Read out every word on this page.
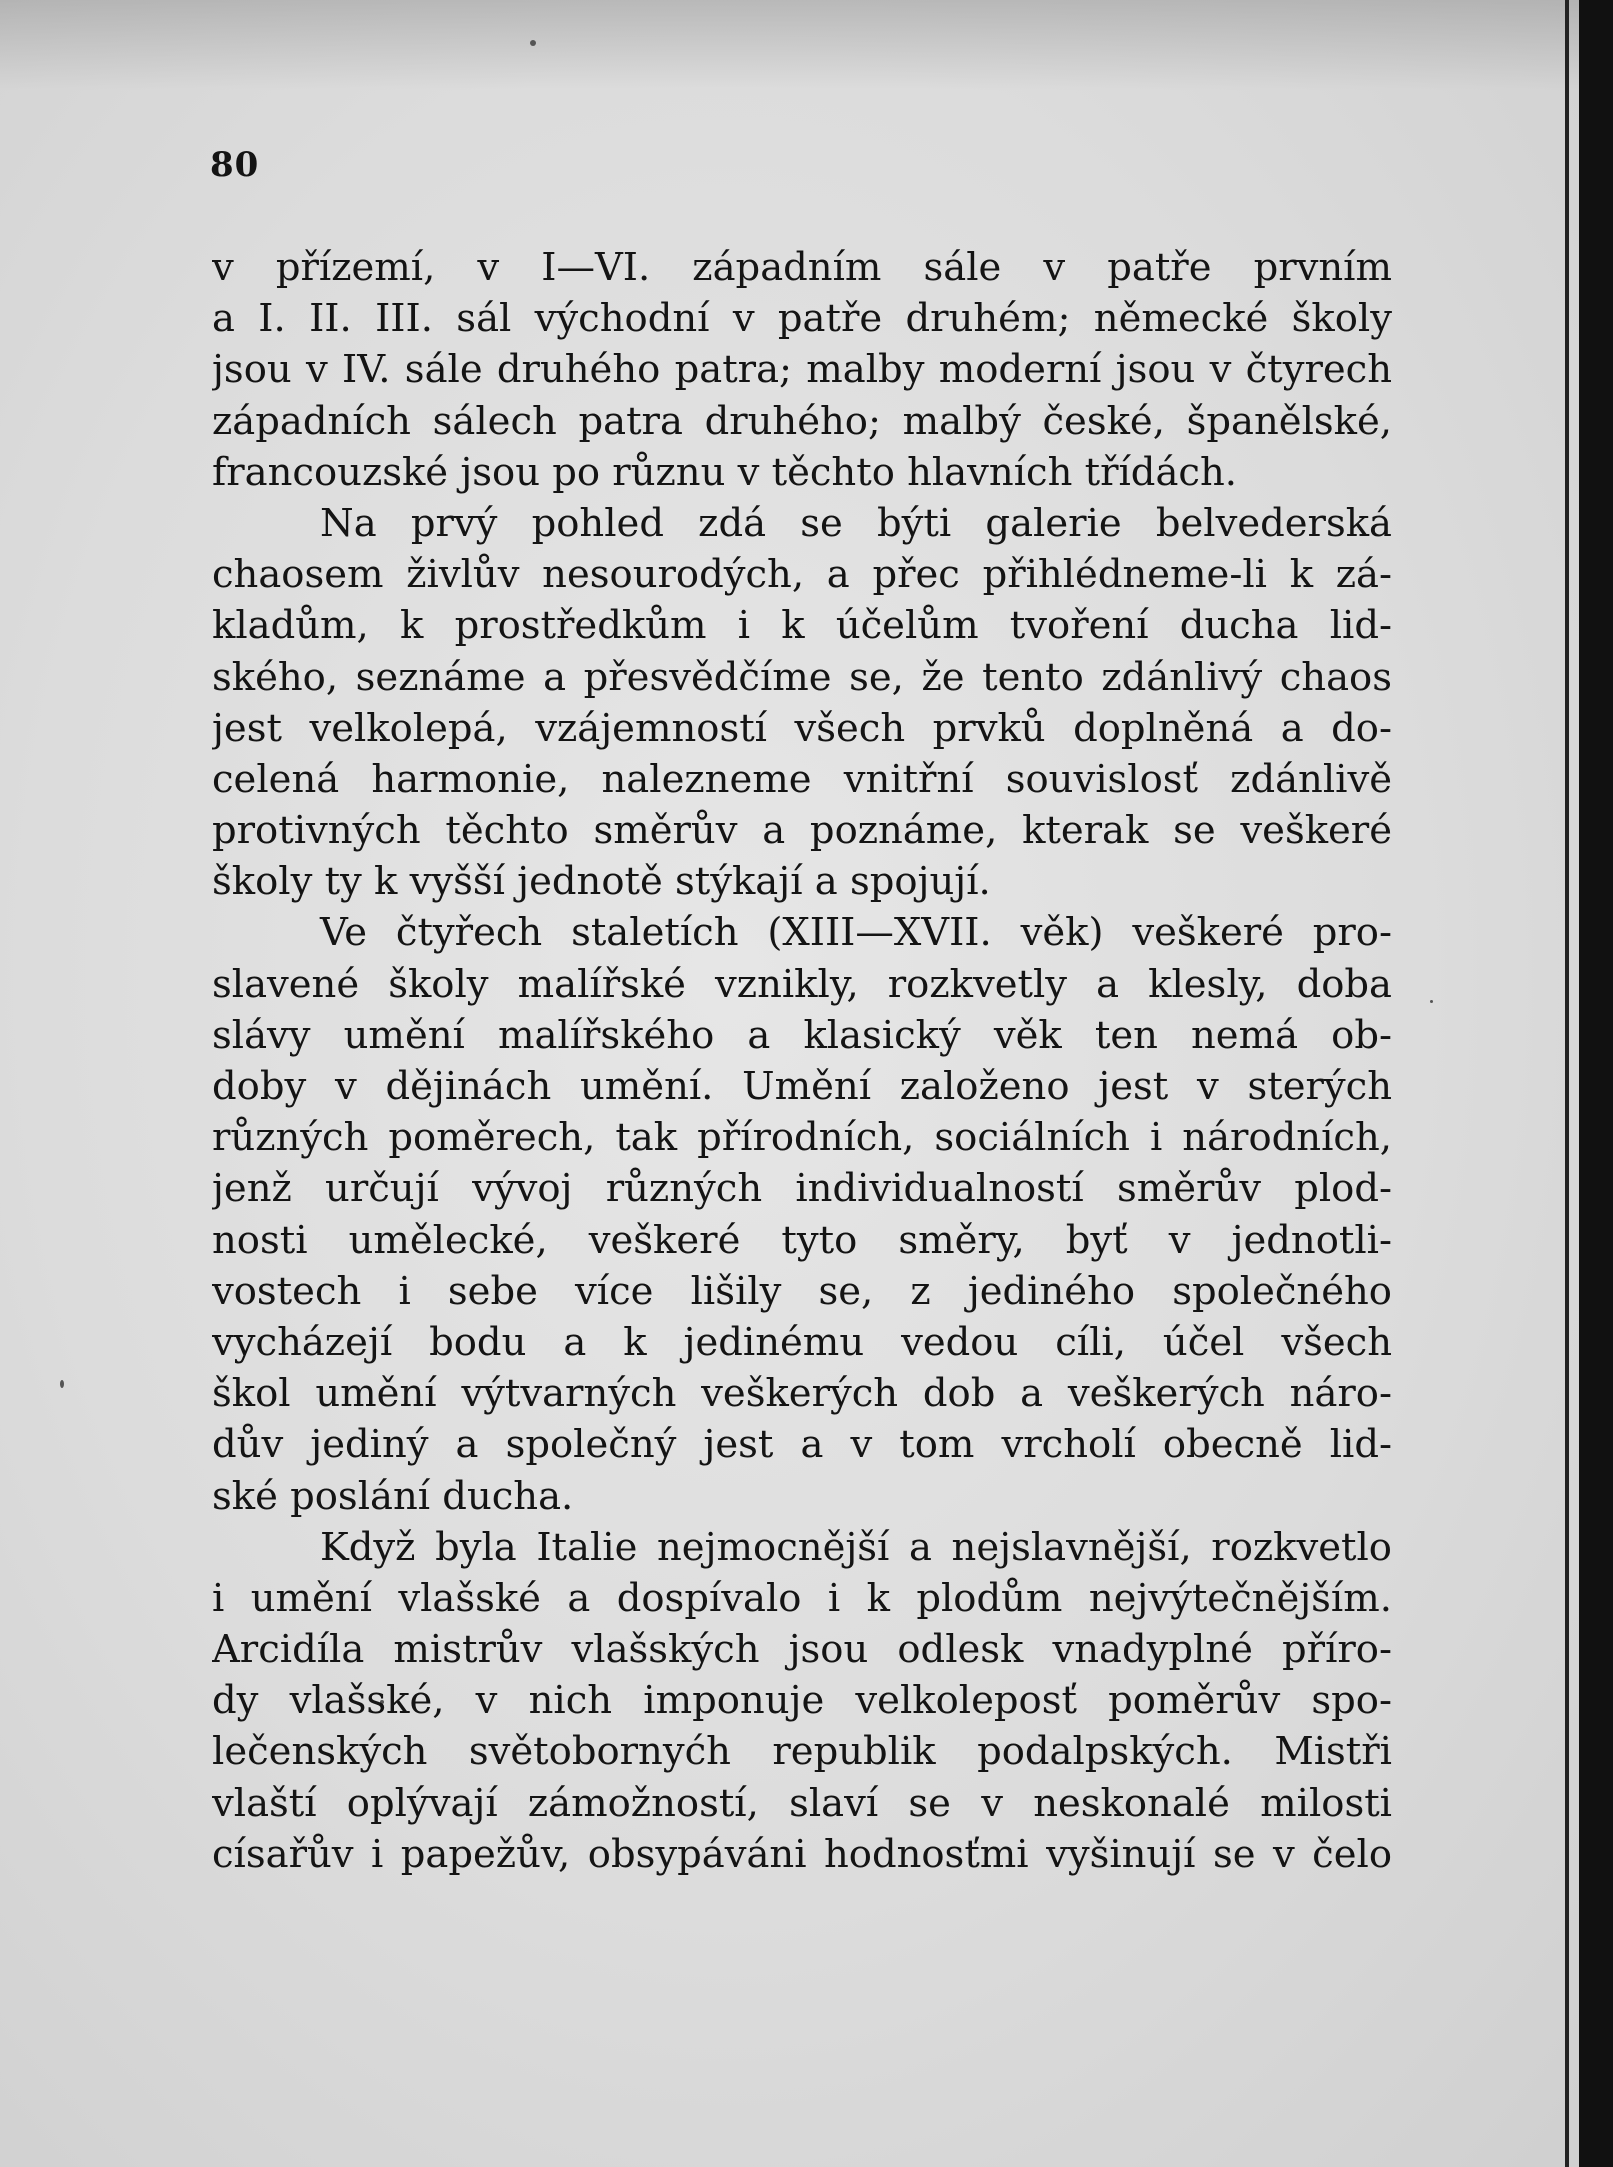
80
v přízemí, v I—VI. západním sále v patře prvním
a I. II. III. sál východní v patře druhém; německé školy
jsou v IV. sále druhého patra; malby moderní jsou v čtyrech
západních sálech patra druhého; malbý české, španělské,
francouzské jsou po různu v těchto hlavních třídách.
Na prvý pohled zdá se býti galerie belvederská
chaosem živlův nesourodých, a přec přihlédneme-li k zá-
kladům, k prostředkům i k účelům tvoření ducha lid-
ského, seznáme a přesvědčíme se, že tento zdánlivý chaos
jest velkolepá, vzájemností všech prvků doplněná a do-
celená harmonie, nalezneme vnitřní souvislosť zdánlivě
protivných těchto směrův a poznáme, kterak se veškeré
školy ty k vyšší jednotě stýkají a spojují.
Ve čtyřech staletích (XIII—XVII. věk) veškeré pro-
slavené školy malířské vznikly, rozkvetly a klesly, doba
slávy umění malířského a klasický věk ten nemá ob-
doby v dějinách umění. Umění založeno jest v sterých
různých poměrech, tak přírodních, sociálních i národních,
jenž určují vývoj různých individualností směrův plod-
nosti umělecké, veškeré tyto směry, byť v jednotli-
vostech i sebe více lišily se, z jediného společného
vycházejí bodu a k jedinému vedou cíli, účel všech
škol umění výtvarných veškerých dob a veškerých náro-
dův jediný a společný jest a v tom vrcholí obecně lid-
ské poslání ducha.
Když byla Italie nejmocnější a nejslavnější, rozkvetlo
i umění vlašské a dospívalo i k plodům nejvýtečnějším.
Arcidíla mistrův vlašských jsou odlesk vnadyplné příro-
dy vlašské, v nich imponuje velkoleposť poměrův spo-
lečenských světobornyćh republik podalpských. Mistři
vlaští oplývají zámožností, slaví se v neskonalé milosti
císařův i papežův, obsypáváni hodnosťmi vyšinují se v čelo
